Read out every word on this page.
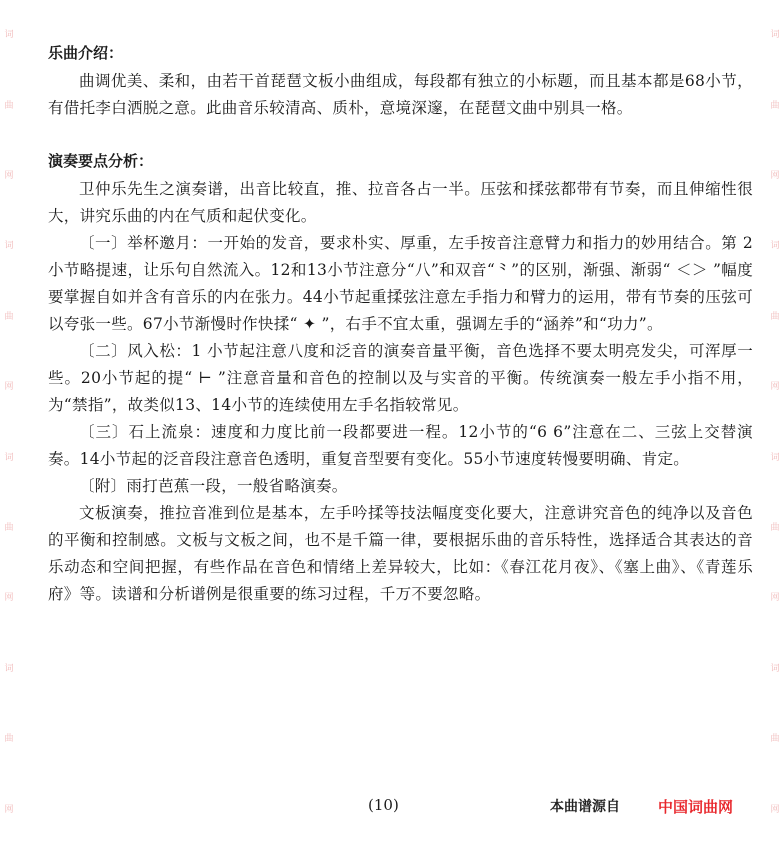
词
曲
网
词
曲
网
词
曲
网
词
曲
网
词
曲
网
词
曲
网
词
曲
网
词
曲
网
乐曲介绍：

曲调优美、柔和，由若干首琵琶文板小曲组成，每段都有独立的小标题，而且基本都是68小节，有借托李白洒脱之意。此曲音乐较清高、质朴，意境深邃，在琵琶文曲中别具一格。

演奏要点分析：

卫仲乐先生之演奏谱，出音比较直，推、拉音各占一半。压弦和揉弦都带有节奏，而且伸缩性很大，讲究乐曲的内在气质和起伏变化。

〔一〕举杯邀月：一开始的发音，要求朴实、厚重，左手按音注意臂力和指力的妙用结合。第 2 小节略提速，让乐句自然流入。12和13小节注意分“八”和双音“⺀”的区别，渐强、渐弱“ ＜＞ ”幅度要掌握自如并含有音乐的内在张力。44小节起重揉弦注意左手指力和臂力的运用，带有节奏的压弦可以夸张一些。67小节渐慢时作快揉“ ✦ ”，右手不宜太重，强调左手的“涵养”和“功力”。

〔二〕风入松：1 小节起注意八度和泛音的演奏音量平衡，音色选择不要太明亮发尖，可浑厚一些。20小节起的提“ ⊢ ”注意音量和音色的控制以及与实音的平衡。传统演奏一般左手小指不用，为“禁指”，故类似13、14小节的连续使用左手名指较常见。

〔三〕石上流泉：速度和力度比前一段都要进一程。12小节的“6 6”注意在二、三弦上交替演奏。14小节起的泛音段注意音色透明，重复音型要有变化。55小节速度转慢要明确、肯定。

〔附〕雨打芭蕉一段，一般省略演奏。

文板演奏，推拉音准到位是基本，左手吟揉等技法幅度变化要大，注意讲究音色的纯净以及音色的平衡和控制感。文板与文板之间，也不是千篇一律，要根据乐曲的音乐特性，选择适合其表达的音乐动态和空间把握，有些作品在音色和情绪上差异较大，比如：《春江花月夜》、《塞上曲》、《青莲乐府》等。读谱和分析谱例是很重要的练习过程，千万不要忽略。

(10)	本曲谱源自	中国词曲网
